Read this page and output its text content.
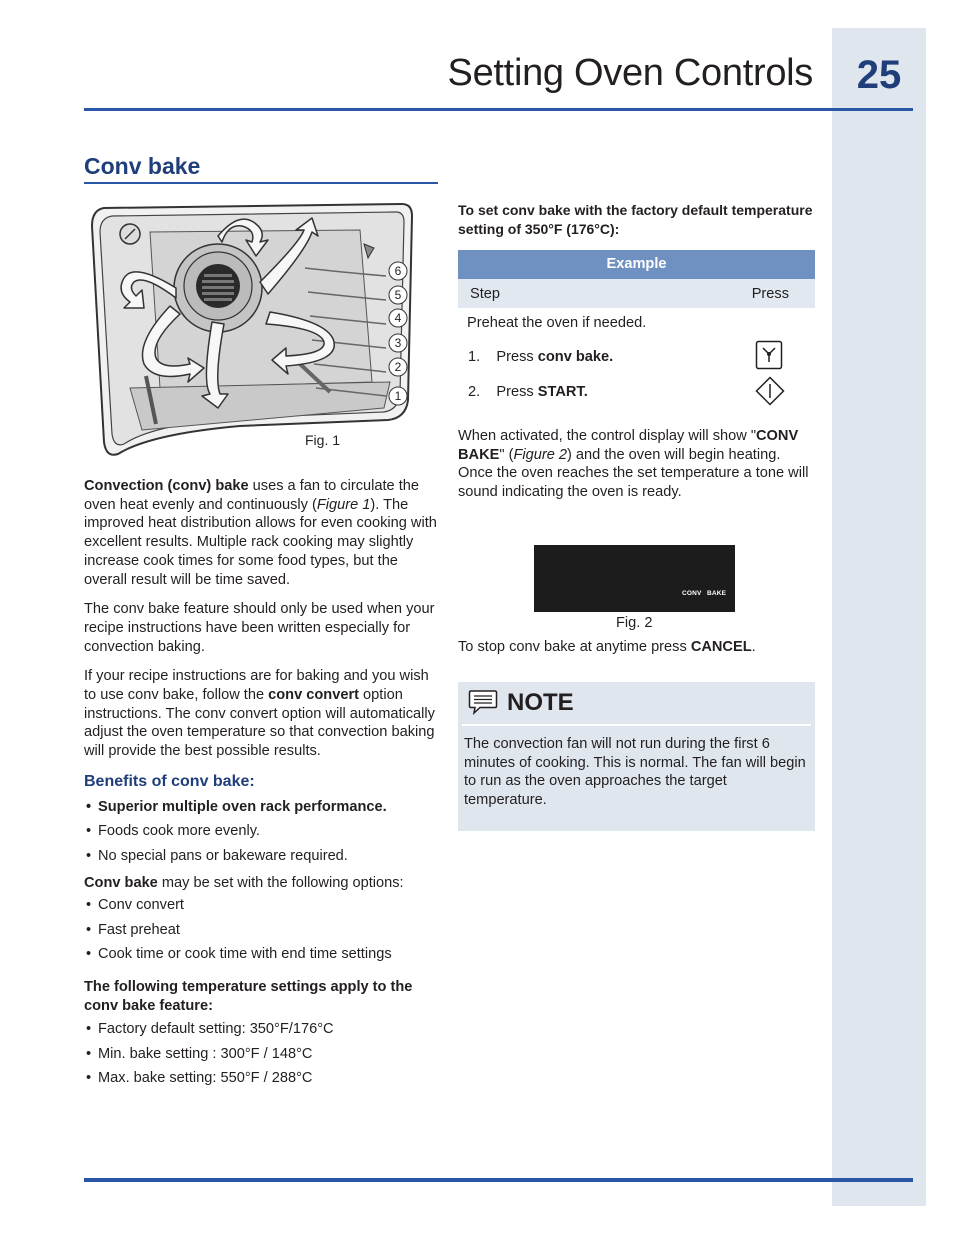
Setting Oven Controls	25
Conv bake
6
5
4
3
2
1
Fig. 1

Convection (conv) bake uses a fan to circulate the oven heat evenly and continuously (Figure 1). The improved heat distribution allows for even cooking with excellent results. Multiple rack cooking may slightly increase cook times for some food types, but the overall result will be time saved.

The conv bake feature should only be used when your recipe instructions have been written especially for convection baking.

If your recipe instructions are for baking and you wish to use conv bake, follow the conv convert option instructions. The conv convert option will automatically adjust the oven temperature so that convection baking will provide the best possible results.

Benefits of conv bake:
• Superior multiple oven rack performance.
• Foods cook more evenly.
• No special pans or bakeware required.

Conv bake may be set with the following options:

• Conv convert
• Fast preheat
• Cook time or cook time with end time settings

The following temperature settings apply to the conv bake feature:

• Factory default setting: 350°F/176°C
• Min. bake setting : 300°F / 148°C
• Max. bake setting: 550°F / 288°C
To set conv bake with the factory default temperature setting of 350°F (176°C):
Example
Step	Press
Preheat the oven if needed.
1. Press conv bake.
2. Press START.
When activated, the control display will show "CONV BAKE" (Figure 2) and the oven will begin heating. Once the oven reaches the set temperature a tone will sound indicating the oven is ready.
CONV BAKE
Fig. 2
To stop conv bake at anytime press CANCEL.
NOTE
The convection fan will not run during the first 6 minutes of cooking. This is normal. The fan will begin to run as the oven approaches the target temperature.
